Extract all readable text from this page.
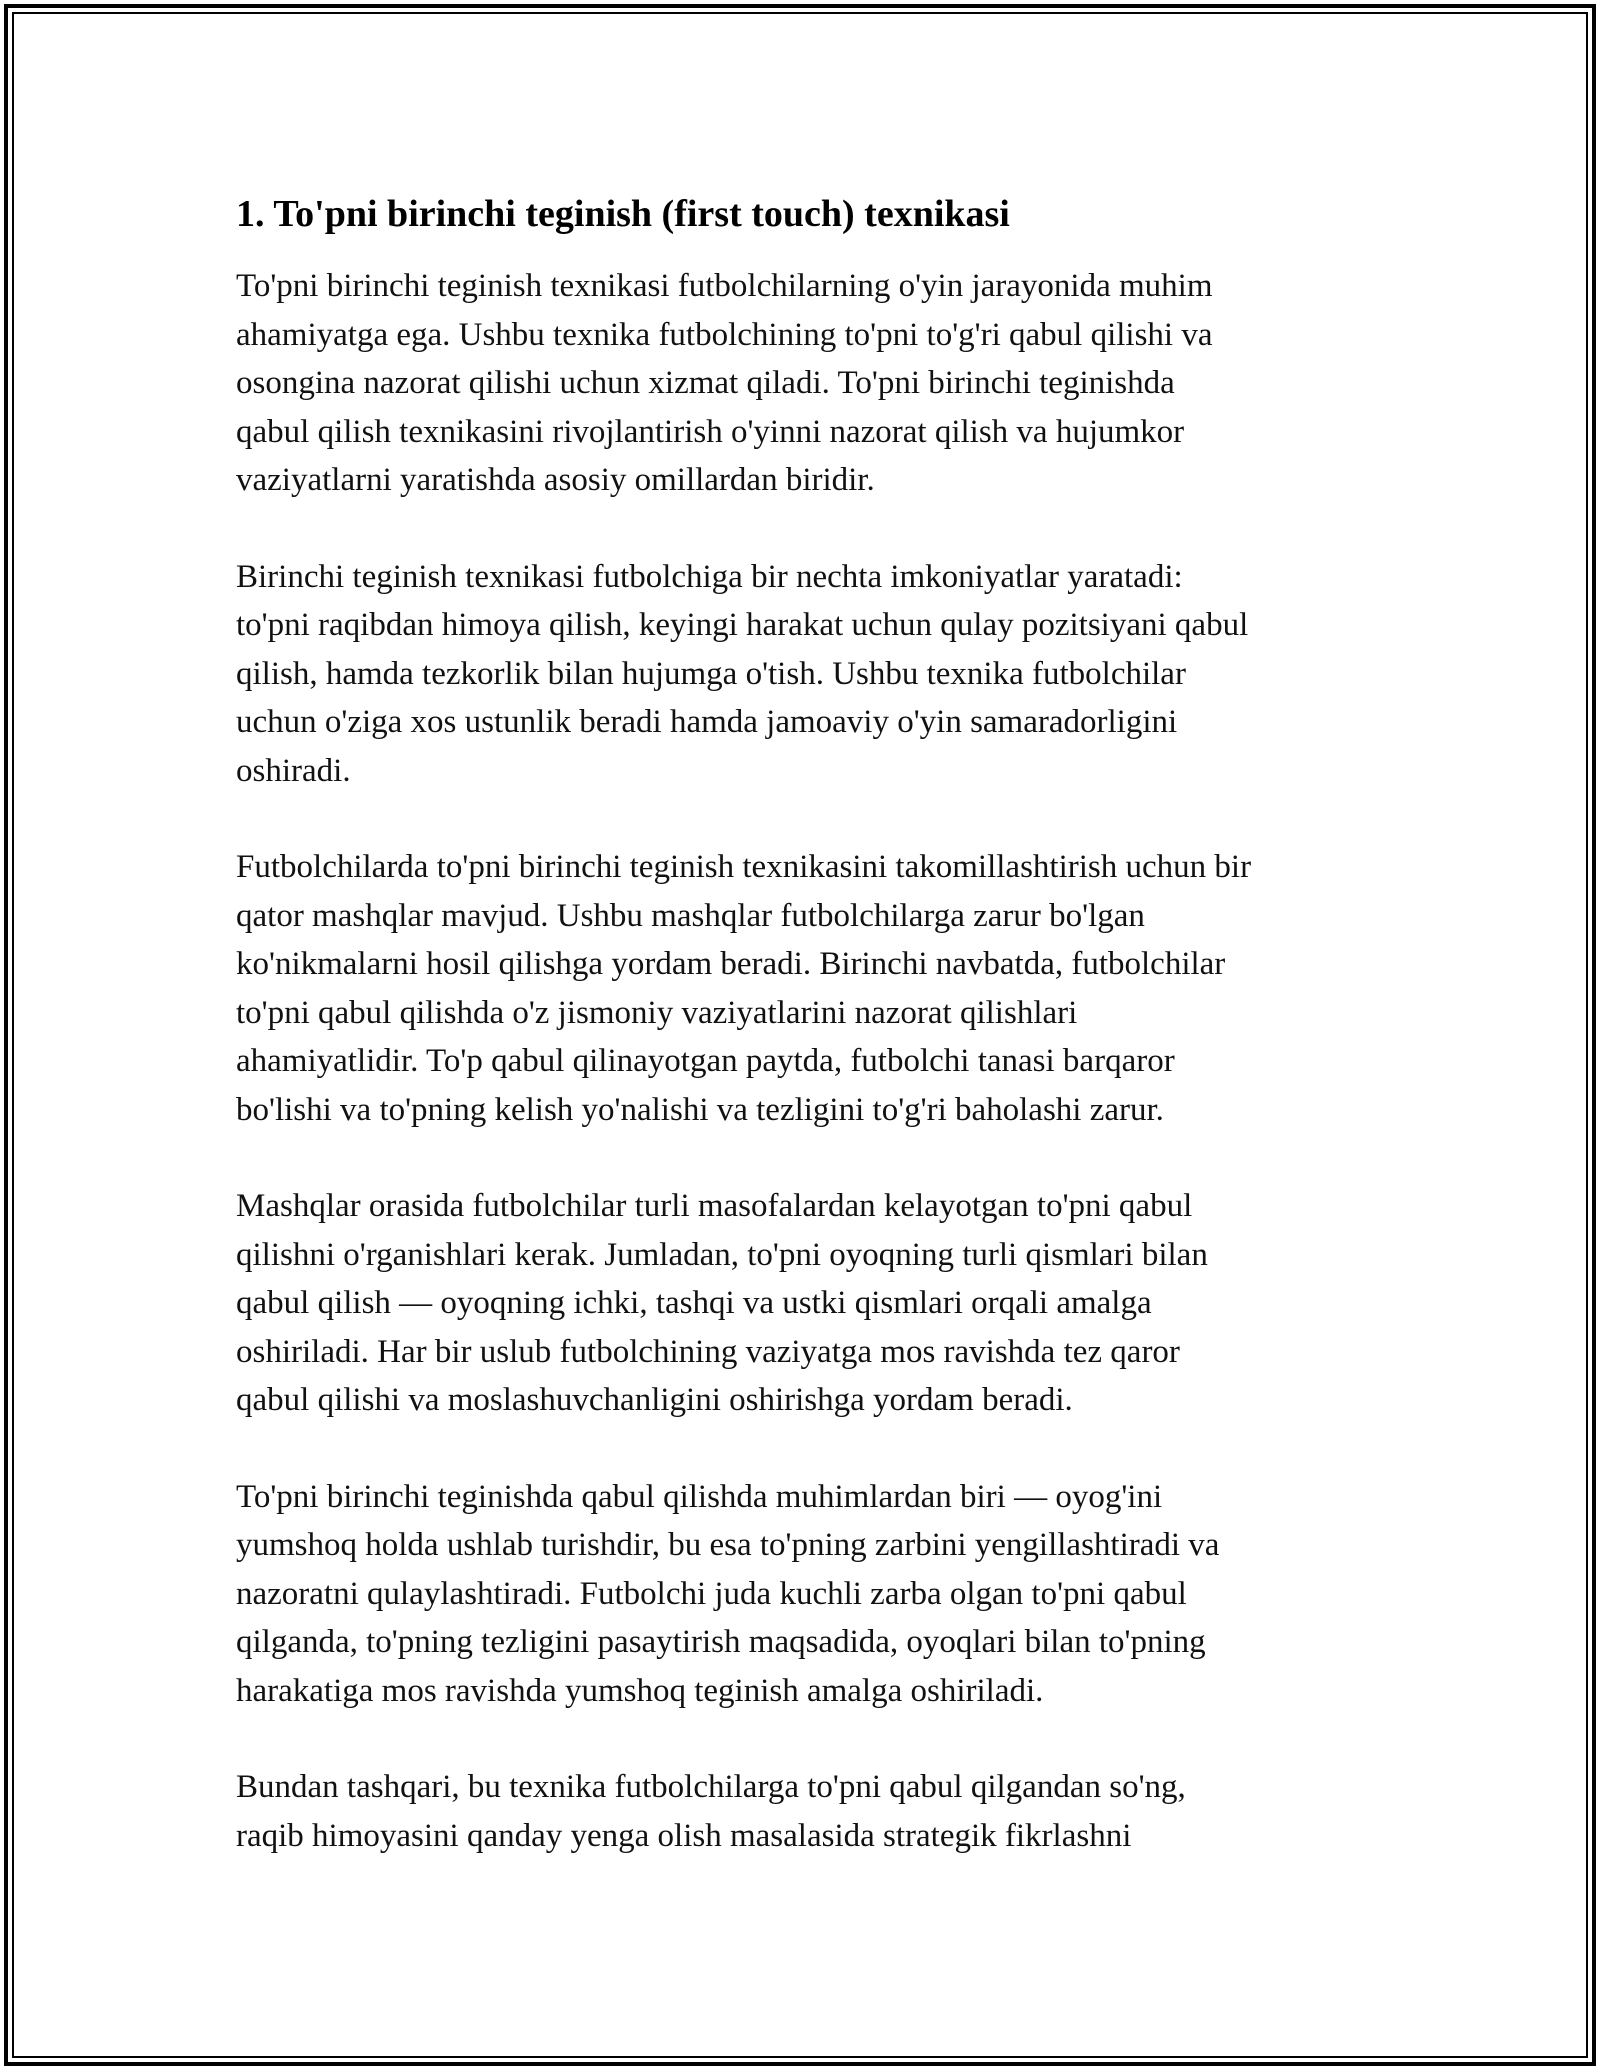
1. To'pni birinchi teginish (first touch) texnikasi

To'pni birinchi teginish texnikasi futbolchilarning o'yin jarayonida muhim
ahamiyatga ega. Ushbu texnika futbolchining to'pni to'g'ri qabul qilishi va
osongina nazorat qilishi uchun xizmat qiladi. To'pni birinchi teginishda
qabul qilish texnikasini rivojlantirish o'yinni nazorat qilish va hujumkor
vaziyatlarni yaratishda asosiy omillardan biridir.

Birinchi teginish texnikasi futbolchiga bir nechta imkoniyatlar yaratadi:
to'pni raqibdan himoya qilish, keyingi harakat uchun qulay pozitsiyani qabul
qilish, hamda tezkorlik bilan hujumga o'tish. Ushbu texnika futbolchilar
uchun o'ziga xos ustunlik beradi hamda jamoaviy o'yin samaradorligini
oshiradi.

Futbolchilarda to'pni birinchi teginish texnikasini takomillashtirish uchun bir
qator mashqlar mavjud. Ushbu mashqlar futbolchilarga zarur bo'lgan
ko'nikmalarni hosil qilishga yordam beradi. Birinchi navbatda, futbolchilar
to'pni qabul qilishda o'z jismoniy vaziyatlarini nazorat qilishlari
ahamiyatlidir. To'p qabul qilinayotgan paytda, futbolchi tanasi barqaror
bo'lishi va to'pning kelish yo'nalishi va tezligini to'g'ri baholashi zarur.

Mashqlar orasida futbolchilar turli masofalardan kelayotgan to'pni qabul
qilishni o'rganishlari kerak. Jumladan, to'pni oyoqning turli qismlari bilan
qabul qilish — oyoqning ichki, tashqi va ustki qismlari orqali amalga
oshiriladi. Har bir uslub futbolchining vaziyatga mos ravishda tez qaror
qabul qilishi va moslashuvchanligini oshirishga yordam beradi.

To'pni birinchi teginishda qabul qilishda muhimlardan biri — oyog'ini
yumshoq holda ushlab turishdir, bu esa to'pning zarbini yengillashtiradi va
nazoratni qulaylashtiradi. Futbolchi juda kuchli zarba olgan to'pni qabul
qilganda, to'pning tezligini pasaytirish maqsadida, oyoqlari bilan to'pning
harakatiga mos ravishda yumshoq teginish amalga oshiriladi.

Bundan tashqari, bu texnika futbolchilarga to'pni qabul qilgandan so'ng,
raqib himoyasini qanday yenga olish masalasida strategik fikrlashni
